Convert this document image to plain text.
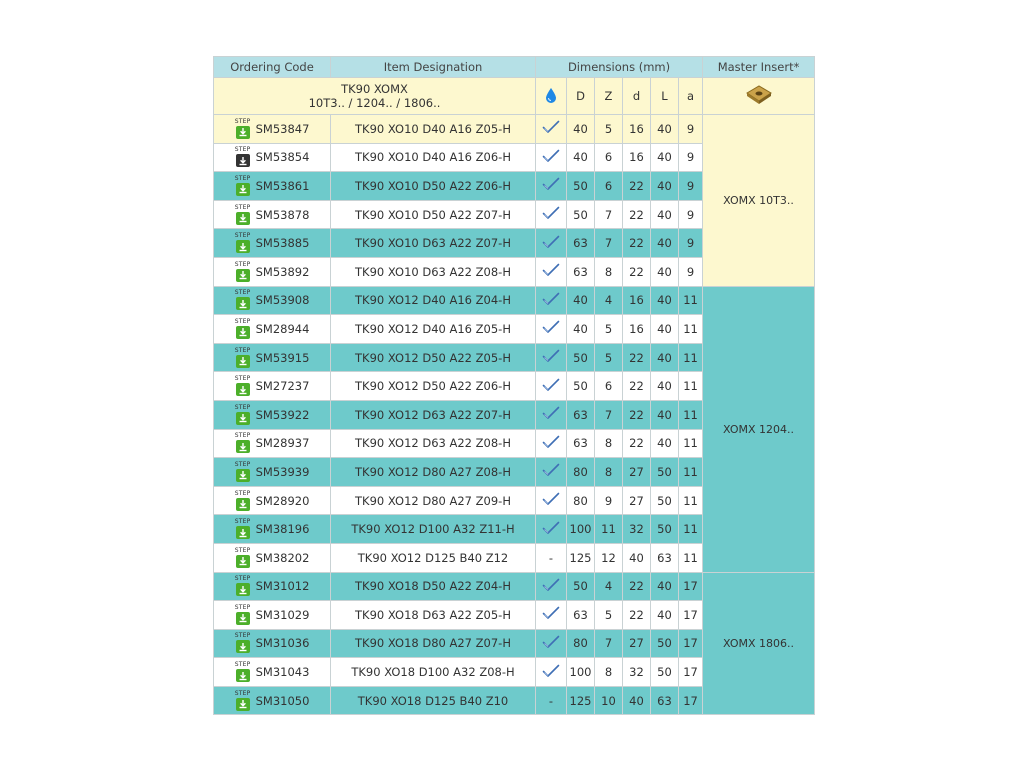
Ordering Code	Item Designation	Dimensions (mm)						Master Insert*

TK90 XOMX
10T3.. / 1204.. / 1806..			D	Z	d	L	a	

STEP
SM53847	TK90 XO10 D40 A16 Z05-H		40	5	16	40	9	XOMX 10T3..

STEP
SM53854	TK90 XO10 D40 A16 Z06-H		40	6	16	40	9	

STEP
SM53861	TK90 XO10 D50 A22 Z06-H		50	6	22	40	9	

STEP
SM53878	TK90 XO10 D50 A22 Z07-H		50	7	22	40	9	

STEP
SM53885	TK90 XO10 D63 A22 Z07-H		63	7	22	40	9	

STEP
SM53892	TK90 XO10 D63 A22 Z08-H		63	8	22	40	9	

STEP
SM53908	TK90 XO12 D40 A16 Z04-H		40	4	16	40	11	XOMX 1204..

STEP
SM28944	TK90 XO12 D40 A16 Z05-H		40	5	16	40	11	

STEP
SM53915	TK90 XO12 D50 A22 Z05-H		50	5	22	40	11	

STEP
SM27237	TK90 XO12 D50 A22 Z06-H		50	6	22	40	11	

STEP
SM53922	TK90 XO12 D63 A22 Z07-H		63	7	22	40	11	

STEP
SM28937	TK90 XO12 D63 A22 Z08-H		63	8	22	40	11	

STEP
SM53939	TK90 XO12 D80 A27 Z08-H		80	8	27	50	11	

STEP
SM28920	TK90 XO12 D80 A27 Z09-H		80	9	27	50	11	

STEP
SM38196	TK90 XO12 D100 A32 Z11-H		100	11	32	50	11	

STEP
SM38202	TK90 XO12 D125 B40 Z12	-	125	12	40	63	11	

STEP
SM31012	TK90 XO18 D50 A22 Z04-H		50	4	22	40	17	XOMX 1806..

STEP
SM31029	TK90 XO18 D63 A22 Z05-H		63	5	22	40	17	

STEP
SM31036	TK90 XO18 D80 A27 Z07-H		80	7	27	50	17	

STEP
SM31043	TK90 XO18 D100 A32 Z08-H		100	8	32	50	17	

STEP
SM31050	TK90 XO18 D125 B40 Z10	-	125	10	40	63	17	
